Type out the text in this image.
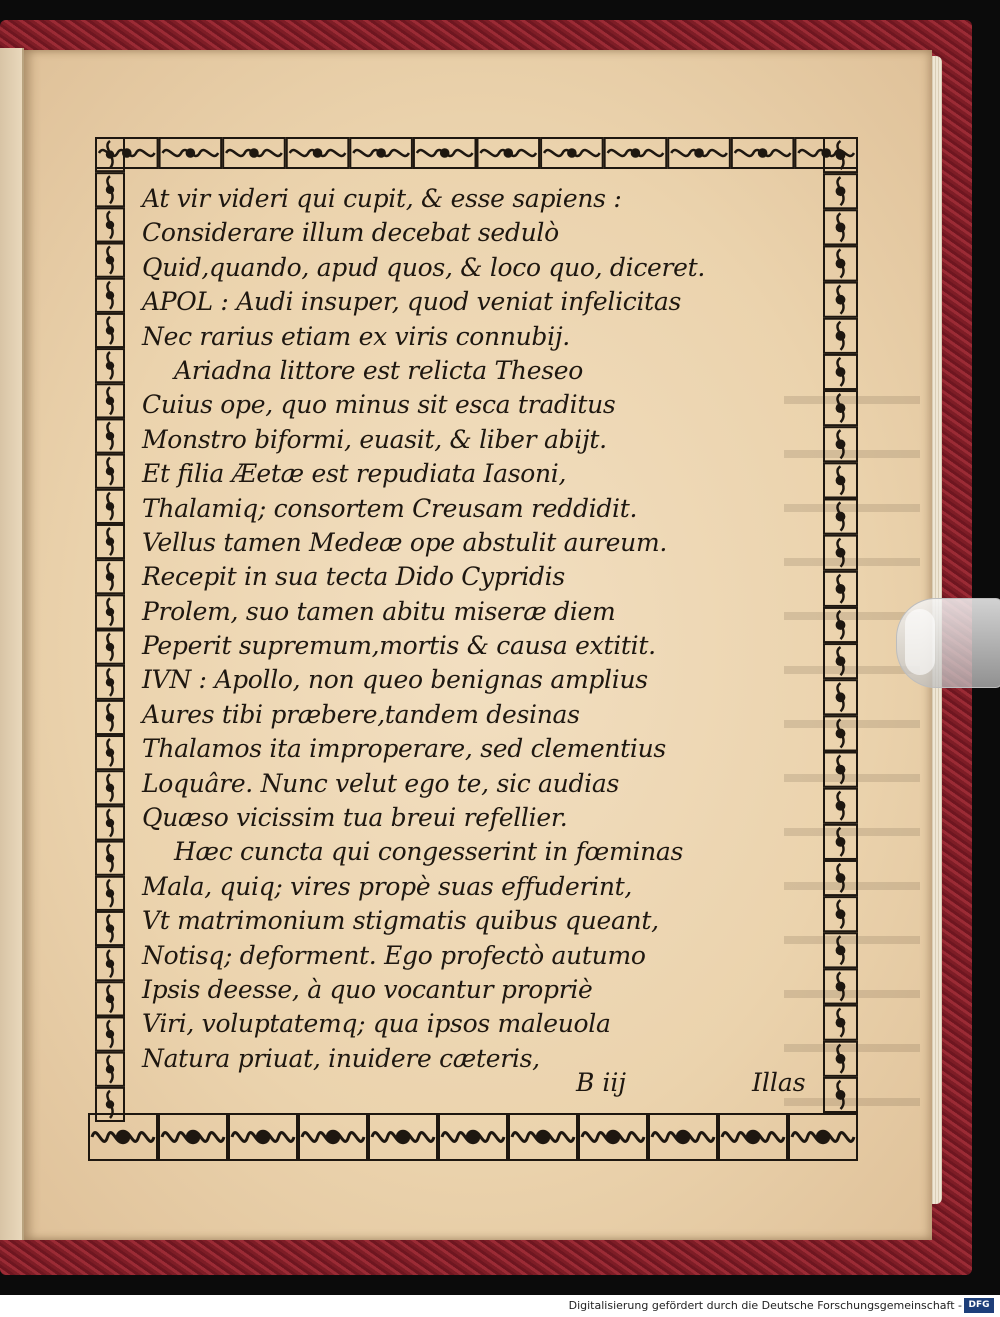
At vir videri qui cupit, & esse sapiens :
Considerare illum decebat sedulò
Quid,quando, apud quos, & loco quo, diceret.
APOL : Audi insuper, quod veniat infelicitas
Nec rarius etiam ex viris connubij.
Ariadna littore est relicta Theseo
Cuius ope, quo minus sit esca traditus
Monstro biformi, euasit, & liber abijt.
Et filia Æetæ est repudiata Iasoni,
Thalamiq; consortem Creusam reddidit.
Vellus tamen Medeæ ope abstulit aureum.
Recepit in sua tecta Dido Cypridis
Prolem, suo tamen abitu miseræ diem
Peperit supremum,mortis & causa extitit.
IVN : Apollo, non queo benignas amplius
Aures tibi præbere,tandem desinas
Thalamos ita improperare, sed clementius
Loquâre. Nunc velut ego te, sic audias
Quæso vicissim tua breui refellier.
Hæc cuncta qui congesserint in fœminas
Mala, quiq; vires propè suas effuderint,
Vt matrimonium stigmatis quibus queant,
Notisq; deforment. Ego profectò autumo
Ipsis deesse, à quo vocantur propriè
Viri, voluptatemq; qua ipsos maleuola
Natura priuat, inuidere cæteris,
B iij	Illas
Digitalisierung gefördert durch die Deutsche Forschungsgemeinschaft - DFG
